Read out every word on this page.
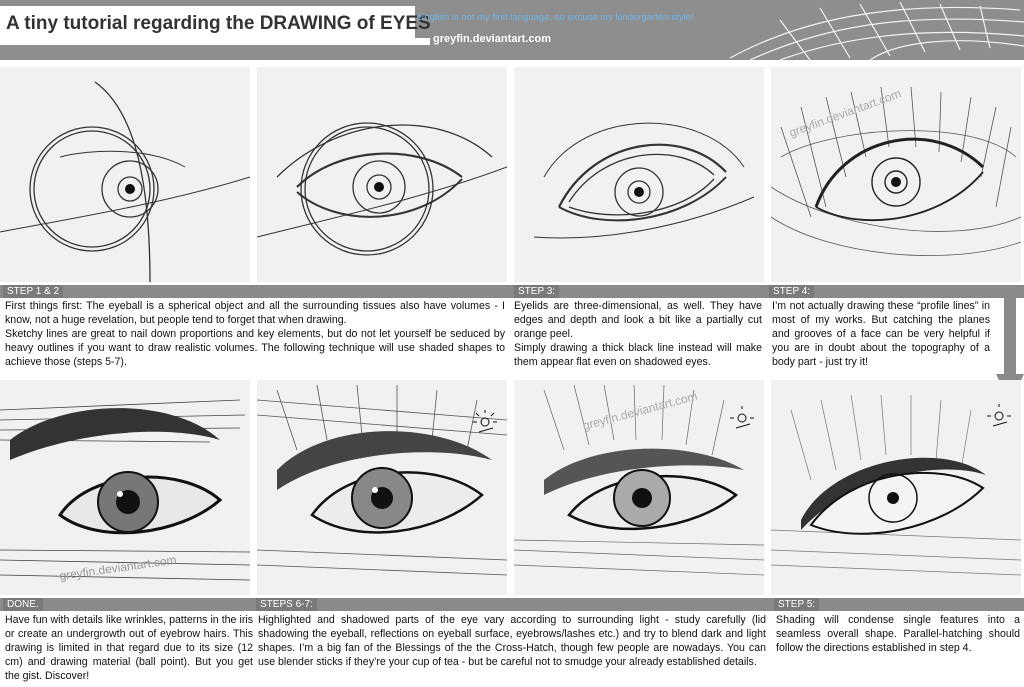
A tiny tutorial regarding the DRAWING of EYES
English is not my first language, so excuse my kindergarten-style!
greyfin.deviantart.com
greyfin.deviantart.com
STEP 1 & 2	STEP 3:	STEP 4:
First things first: The eyeball is a spherical object and all the surrounding tissues also have volumes - I know, not a huge revelation, but people tend to forget that when drawing.
Sketchy lines are great to nail down proportions and key elements, but do not let yourself be seduced by heavy outlines if you want to draw realistic volumes. The following technique will use shaded shapes to achieve those (steps 5-7).
Eyelids are three-dimensional, as well. They have edges and depth and look a bit like a partially cut orange peel.
Simply drawing a thick black line instead will make them appear flat even on shadowed eyes.
I’m not actually drawing these “profile lines” in most of my works. But catching the planes and grooves of a face can be very helpful if you are in doubt about the topography of a body part - just try it!
greyfin.deviantart.com
greyfin.deviantart.com
DONE.	STEPS 6-7:	STEP 5:
Have fun with details like wrinkles, patterns in the iris or create an undergrowth out of eyebrow hairs. This drawing is limited in that regard due to its size (12 cm) and drawing material (ball point). But you get the gist. Discover!
Highlighted and shadowed parts of the eye vary according to surrounding light - study carefully (lid shadowing the eyeball, reflections on eyeball surface, eyebrows/lashes etc.) and try to blend dark and light shapes. I’m a big fan of the Blessings of the the Cross-Hatch, though few people are nowadays. You can use blender sticks if they’re your cup of tea - but be careful not to smudge your already established details.
Shading will condense single features into a seamless overall shape. Parallel-hatching should follow the directions established in step 4.
